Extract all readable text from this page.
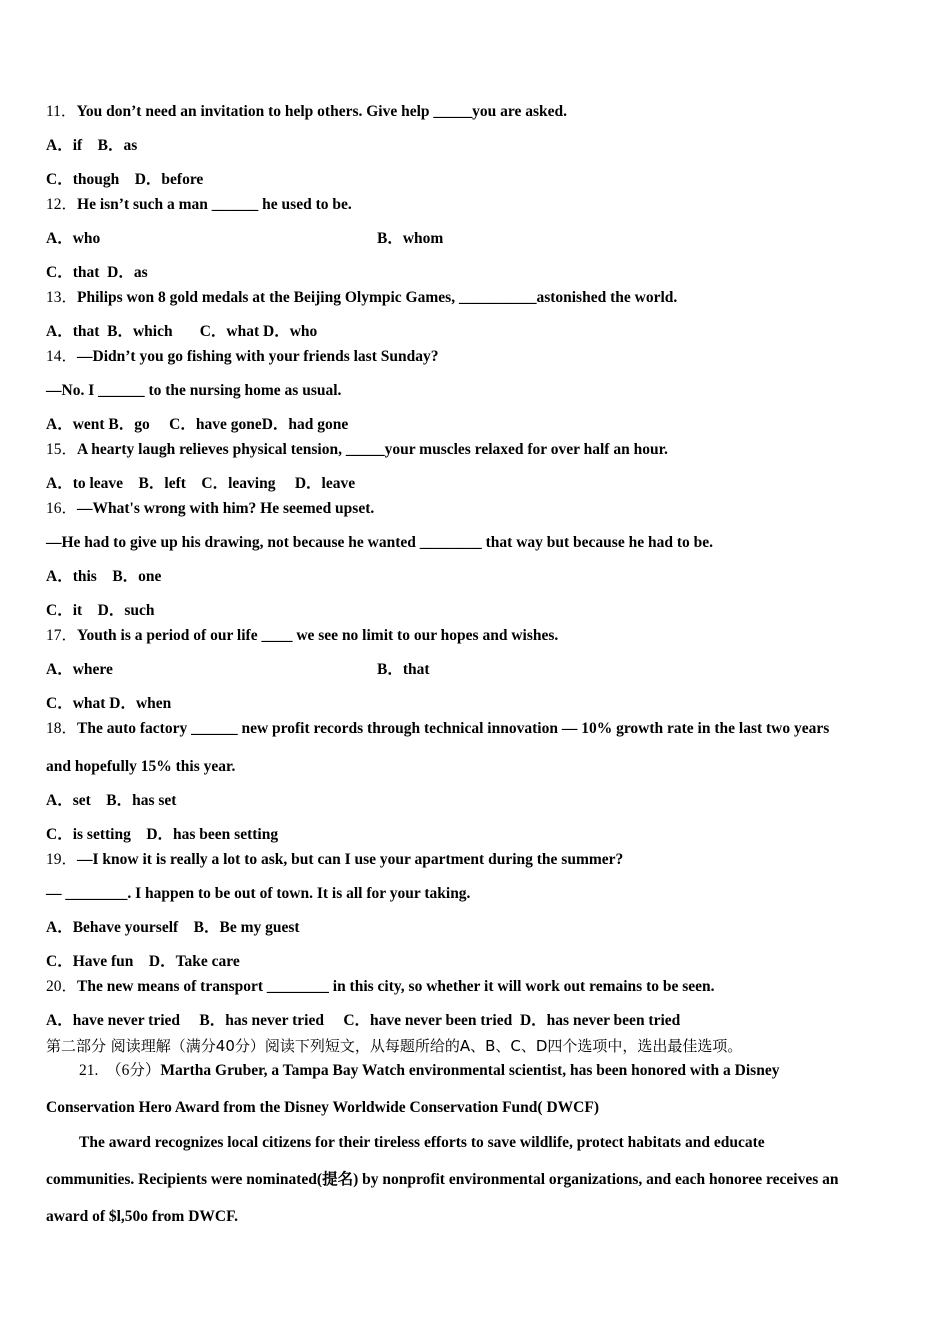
11．You don’t need an invitation to help others. Give help _____you are asked.
A．if    B．as
C．though    D．before
12．He isn’t such a man ______ he used to be.
A．who	B．whom
C．that  D．as
13．Philips won 8 gold medals at the Beijing Olympic Games, __________astonished the world.
A．that  B．which       C．what D．who
14．—Didn’t you go fishing with your friends last Sunday?
—No. I ______ to the nursing home as usual.
A．went B．go     C．have goneD．had gone
15．A hearty laugh relieves physical tension, _____your muscles relaxed for over half an hour.
A．to leave    B．left    C．leaving     D．leave
16．—What's wrong with him? He seemed upset.
—He had to give up his drawing, not because he wanted ________ that way but because he had to be.
A．this    B．one
C．it    D．such
17．Youth is a period of our life ____ we see no limit to our hopes and wishes.
A．where	B．that
C．what D．when
18．The auto factory ______ new profit records through technical innovation — 10% growth rate in the last two years
and hopefully 15% this year.
A．set    B．has set
C．is setting    D．has been setting
19．—I know it is really a lot to ask, but can I use your apartment during the summer?
— ________. I happen to be out of town. It is all for your taking.
A．Behave yourself    B．Be my guest
C．Have fun    D．Take care
20．The new means of transport ________ in this city, so whether it will work out remains to be seen.
A．have never tried     B．has never tried     C．have never been tried  D．has never been tried
第二部分 阅读理解（满分40分）阅读下列短文，从每题所给的A、B、C、D四个选项中，选出最佳选项。
21.  （6分）Martha Gruber, a Tampa Bay Watch environmental scientist, has been honored with a Disney
Conservation Hero Award from the Disney Worldwide Conservation Fund( DWCF)
The award recognizes local citizens for their tireless efforts to save wildlife, protect habitats and educate
communities. Recipients were nominated(提名) by nonprofit environmental organizations, and each honoree receives an
award of $l,50o from DWCF.
